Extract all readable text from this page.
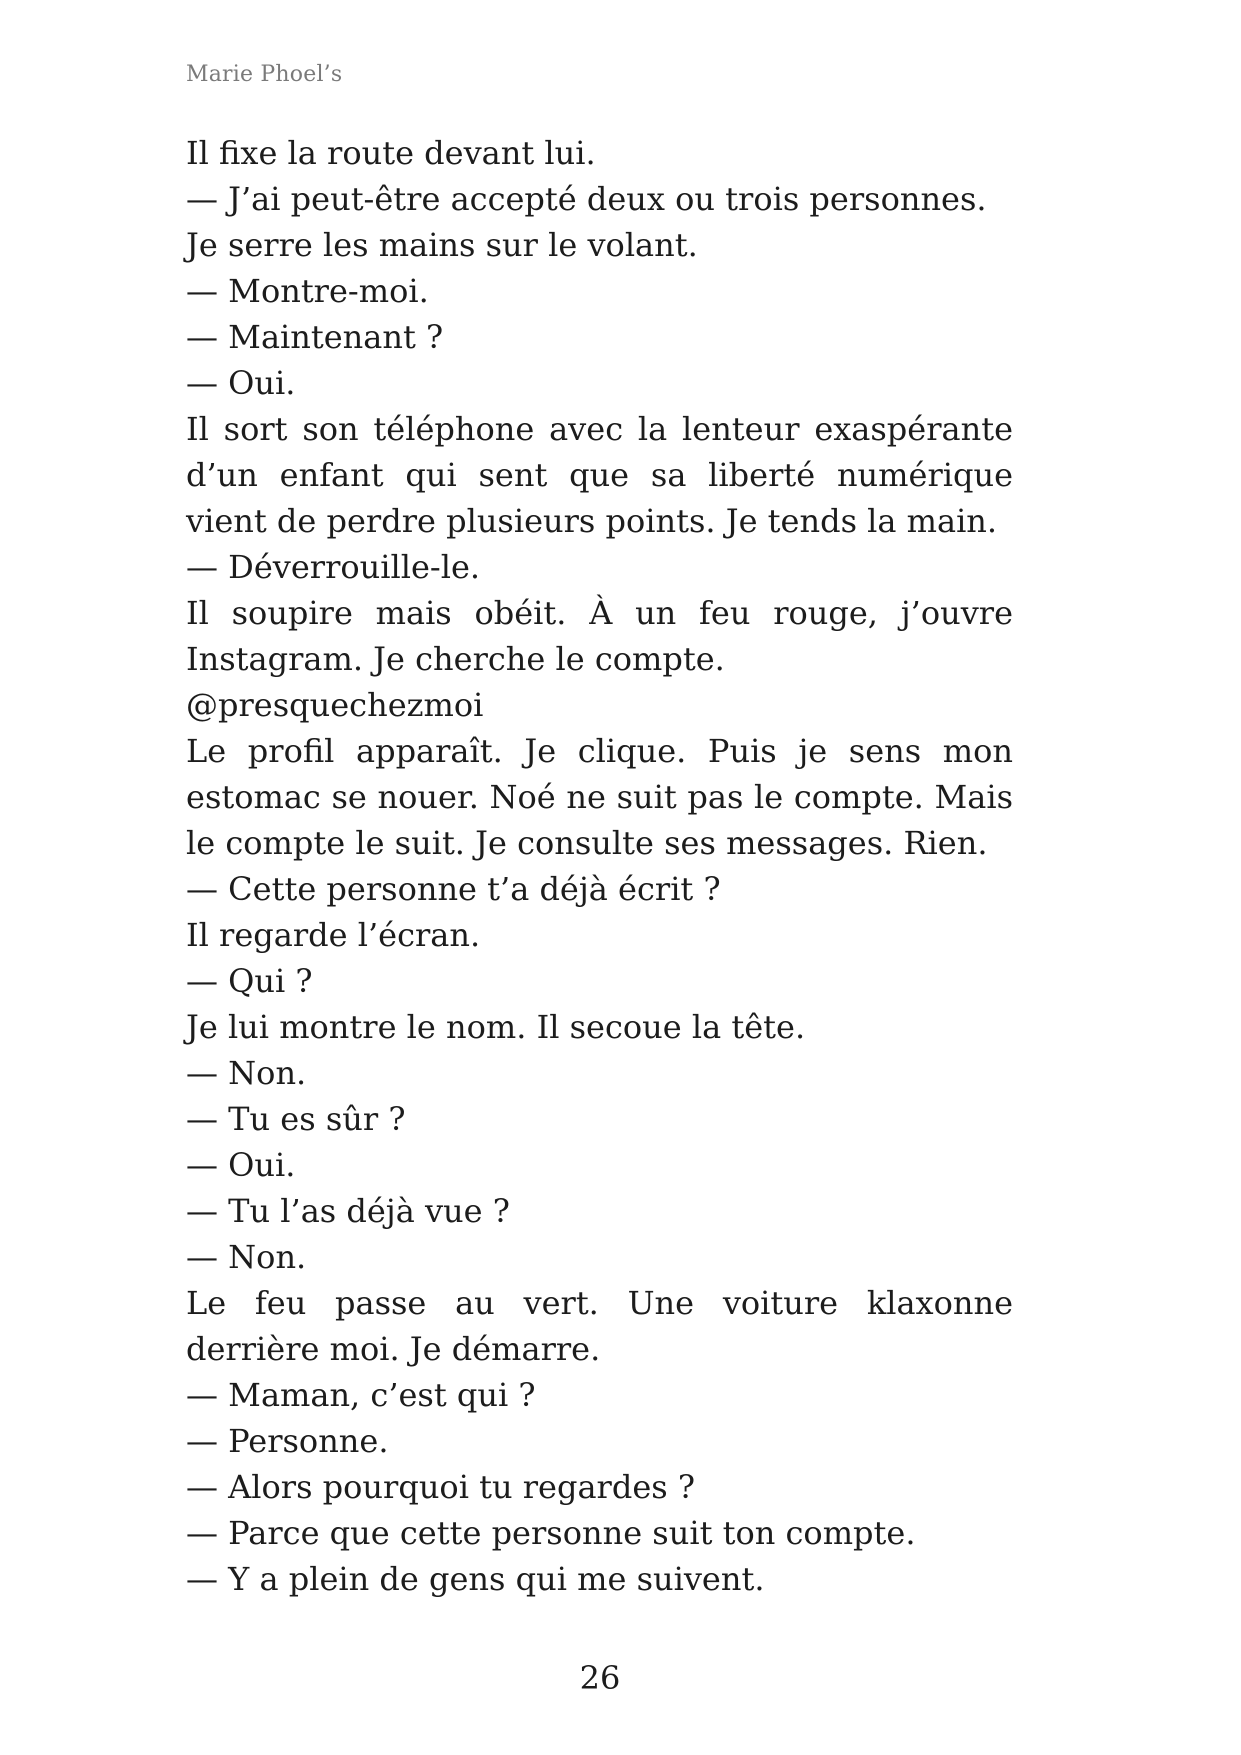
Marie Phoel’s

Il fixe la route devant lui.

— J’ai peut-être accepté deux ou trois personnes.

Je serre les mains sur le volant.

— Montre-moi.

— Maintenant ?

— Oui.

Il sort son téléphone avec la lenteur exaspérante d’un enfant qui sent que sa liberté numérique vient de perdre plusieurs points. Je tends la main.

— Déverrouille-le.

Il soupire mais obéit. À un feu rouge, j’ouvre Instagram. Je cherche le compte.

@presquechezmoi

Le profil apparaît. Je clique. Puis je sens mon estomac se nouer. Noé ne suit pas le compte. Mais le compte le suit. Je consulte ses messages. Rien.

— Cette personne t’a déjà écrit ?

Il regarde l’écran.

— Qui ?

Je lui montre le nom. Il secoue la tête.

— Non.

— Tu es sûr ?

— Oui.

— Tu l’as déjà vue ?

— Non.

Le feu passe au vert. Une voiture klaxonne derrière moi. Je démarre.

— Maman, c’est qui ?

— Personne.

— Alors pourquoi tu regardes ?

— Parce que cette personne suit ton compte.

— Y a plein de gens qui me suivent.

26
